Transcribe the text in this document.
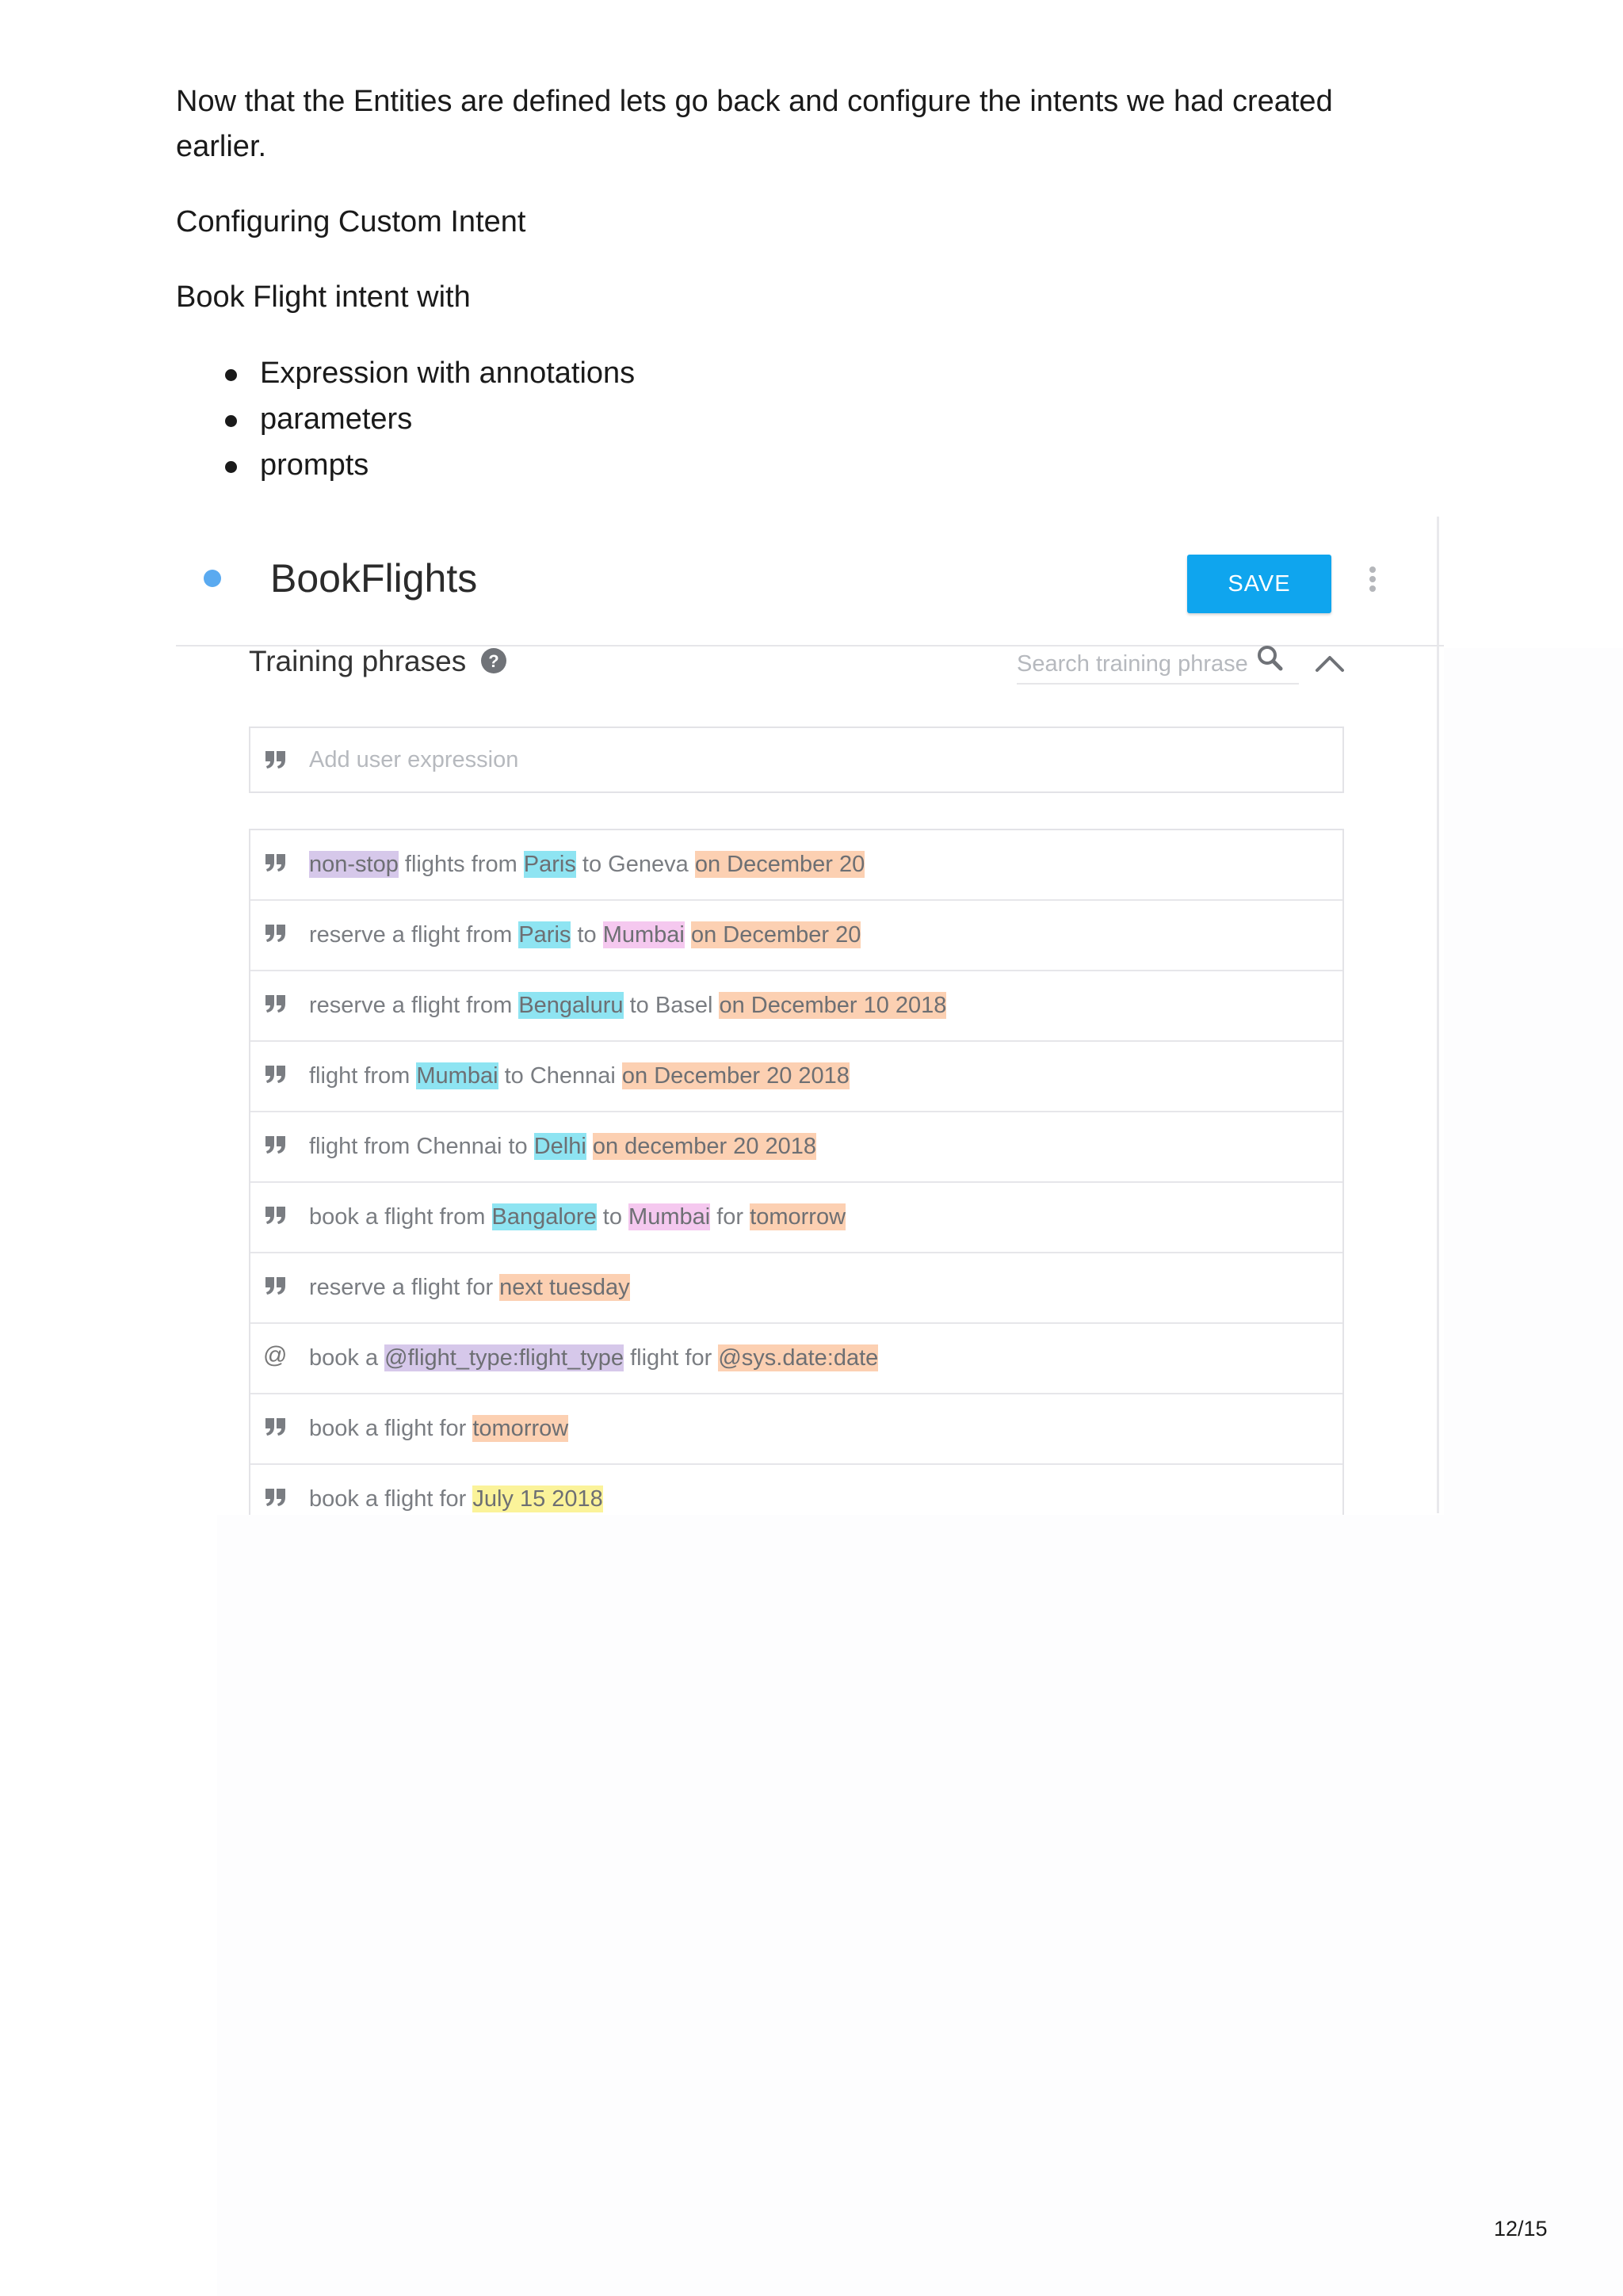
Now that the Entities are defined lets go back and configure the intents we had created earlier.

Configuring Custom Intent

Book Flight intent with

Expression with annotations
parameters
prompts
BookFlights	SAVE
Training phrases ?	Search training phrase
Add user expression
non-stop flights from Paris to Geneva on December 20
reserve a flight from Paris to Mumbai on December 20
reserve a flight from Bengaluru to Basel on December 10 2018
flight from Mumbai to Chennai on December 20 2018
flight from Chennai to Delhi on december 20 2018
book a flight from Bangalore to Mumbai for tomorrow
reserve a flight for next tuesday
@ book a @flight_type:flight_type flight for @sys.date:date
book a flight for tomorrow
book a flight for July 15 2018
12/15
